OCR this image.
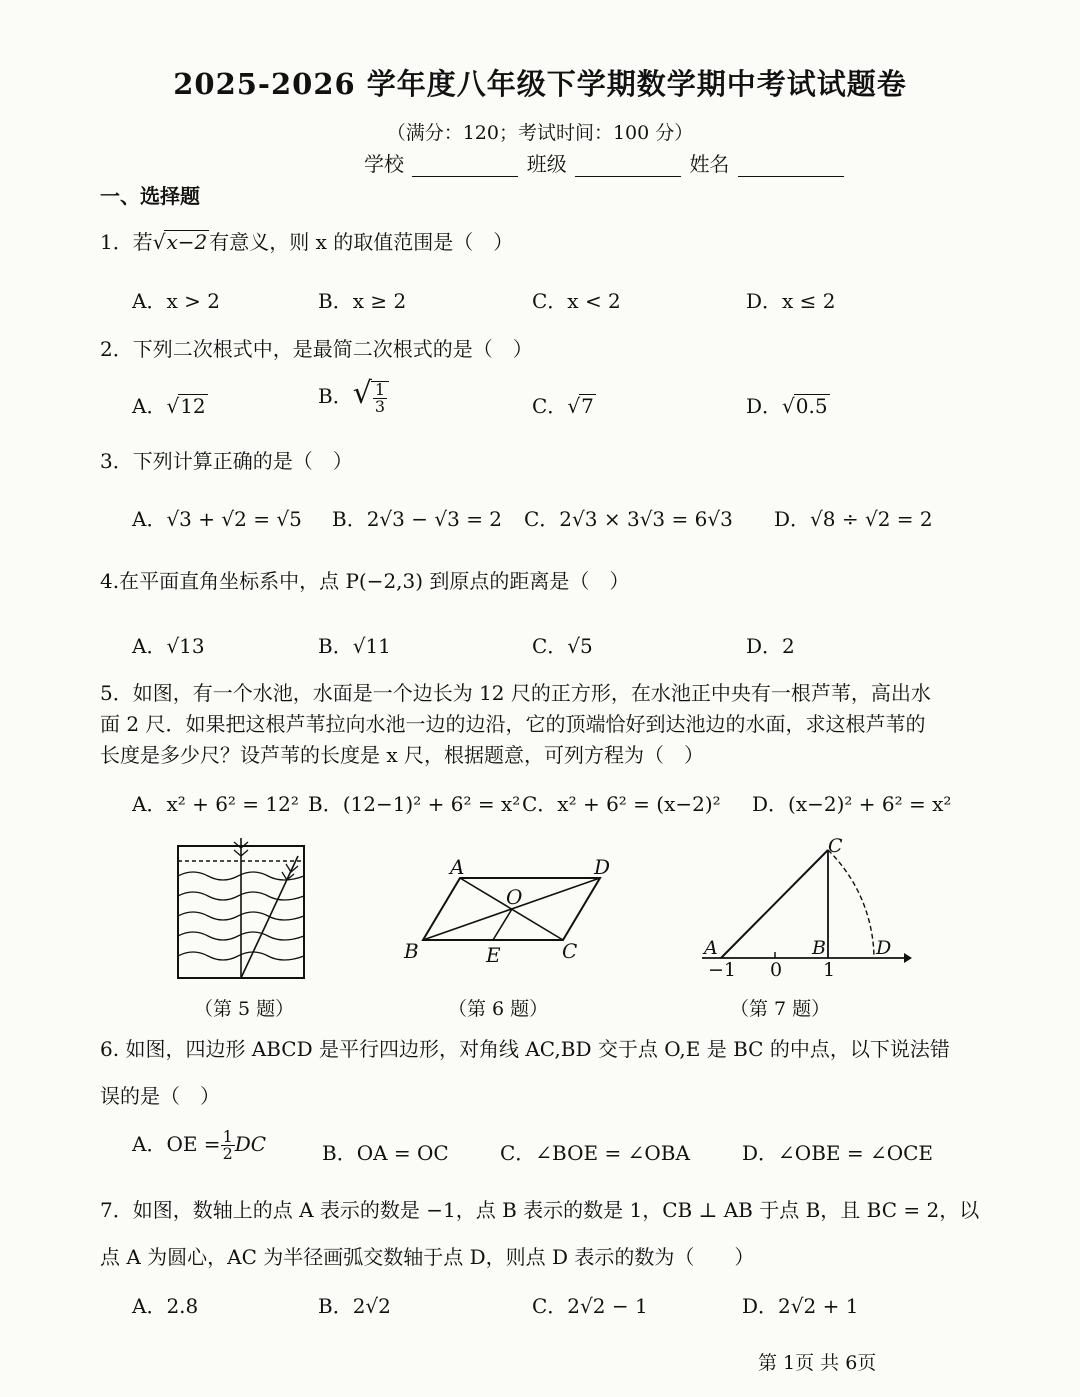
2025-2026 学年度八年级下学期数学期中考试试题卷
（满分：120；考试时间：100 分）
学校	班级	姓名
一、选择题
1．若√x−2 有意义，则 x 的取值范围是（　）
A．x > 2	B．x ≥ 2	C．x < 2	D．x ≤ 2
2．下列二次根式中，是最简二次根式的是（　）
A．√12	B．√ $\frac{1}{3}$	C．√7	D．√0.5
3．下列计算正确的是（　）
A．√3 + √2 = √5 B．2√3 − √3 = 2 C．2√3 × 3√3 = 6√3 D．√8 ÷ √2 = 2
4.在平面直角坐标系中，点 P(−2,3) 到原点的距离是（　）
A．√13	B．√11	C．√5	D．2
5．如图，有一个水池，水面是一个边长为 12 尺的正方形，在水池正中央有一根芦苇，高出水
面 2 尺．如果把这根芦苇拉向水池一边的边沿，它的顶端恰好到达池边的水面，求这根芦苇的
长度是多少尺？设芦苇的长度是 x 尺，根据题意，可列方程为（　）
A．x² + 6² = 12² B．(12−1)² + 6² = x² C．x² + 6² = (x−2)² D．(x−2)² + 6² = x²
（第 5 题）
A	D
O
B	E	C
（第 6 题）
A	B
C
D
−1 0 1
（第 7 题）
6. 如图，四边形 ABCD 是平行四边形，对角线 AC,BD 交于点 O,E 是 BC 的中点，以下说法错
误的是（　）
A．OE = $\frac{1}{2}$ DC	B．OA = OC	C．∠BOE = ∠OBA	D．∠OBE = ∠OCE
7．如图，数轴上的点 A 表示的数是 −1，点 B 表示的数是 1，CB ⊥ AB 于点 B，且 BC = 2，以
点 A 为圆心，AC 为半径画弧交数轴于点 D，则点 D 表示的数为（　　）
A．2.8	B．2√2	C．2√2 − 1	D．2√2 + 1
第 1页 共 6页
